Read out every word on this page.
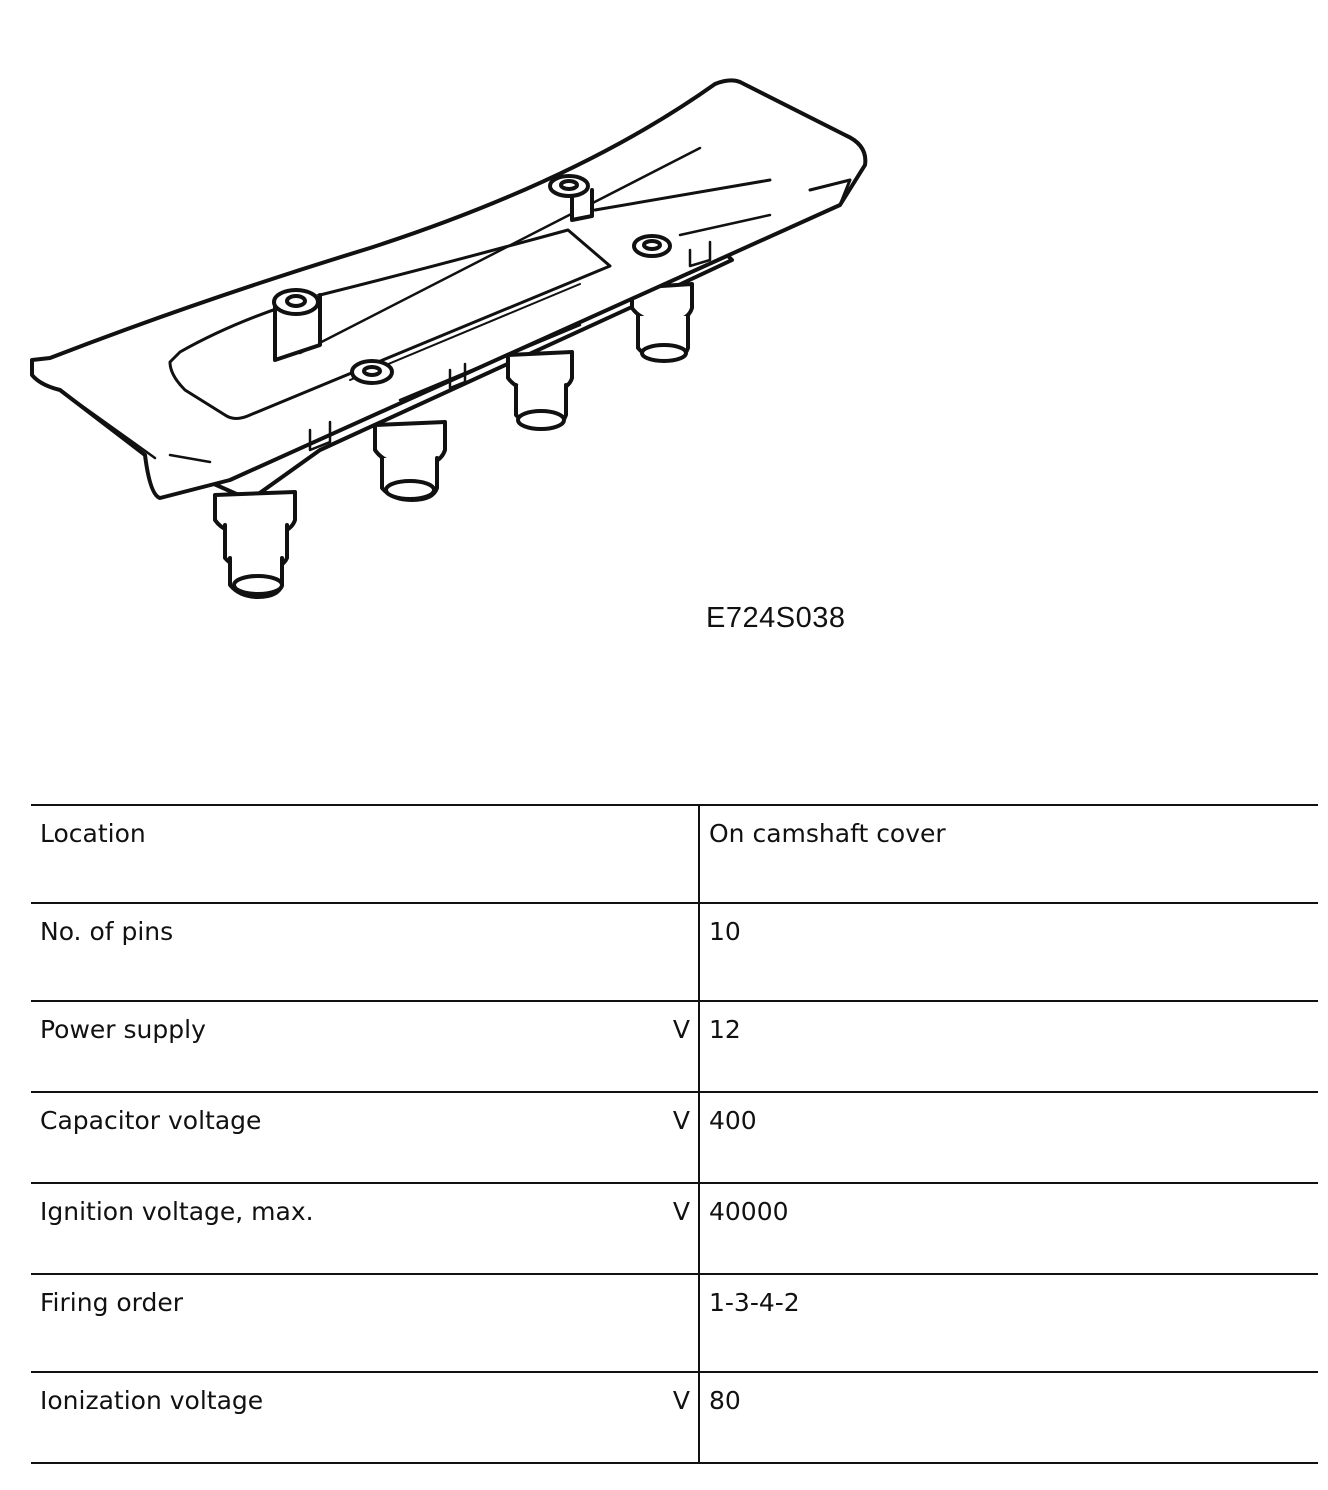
E724S038
Location	On camshaft cover
No. of pins	10
Power supply V	12
Capacitor voltage V	400
Ignition voltage, max. V	40000
Firing order	1-3-4-2
Ionization voltage V	80
